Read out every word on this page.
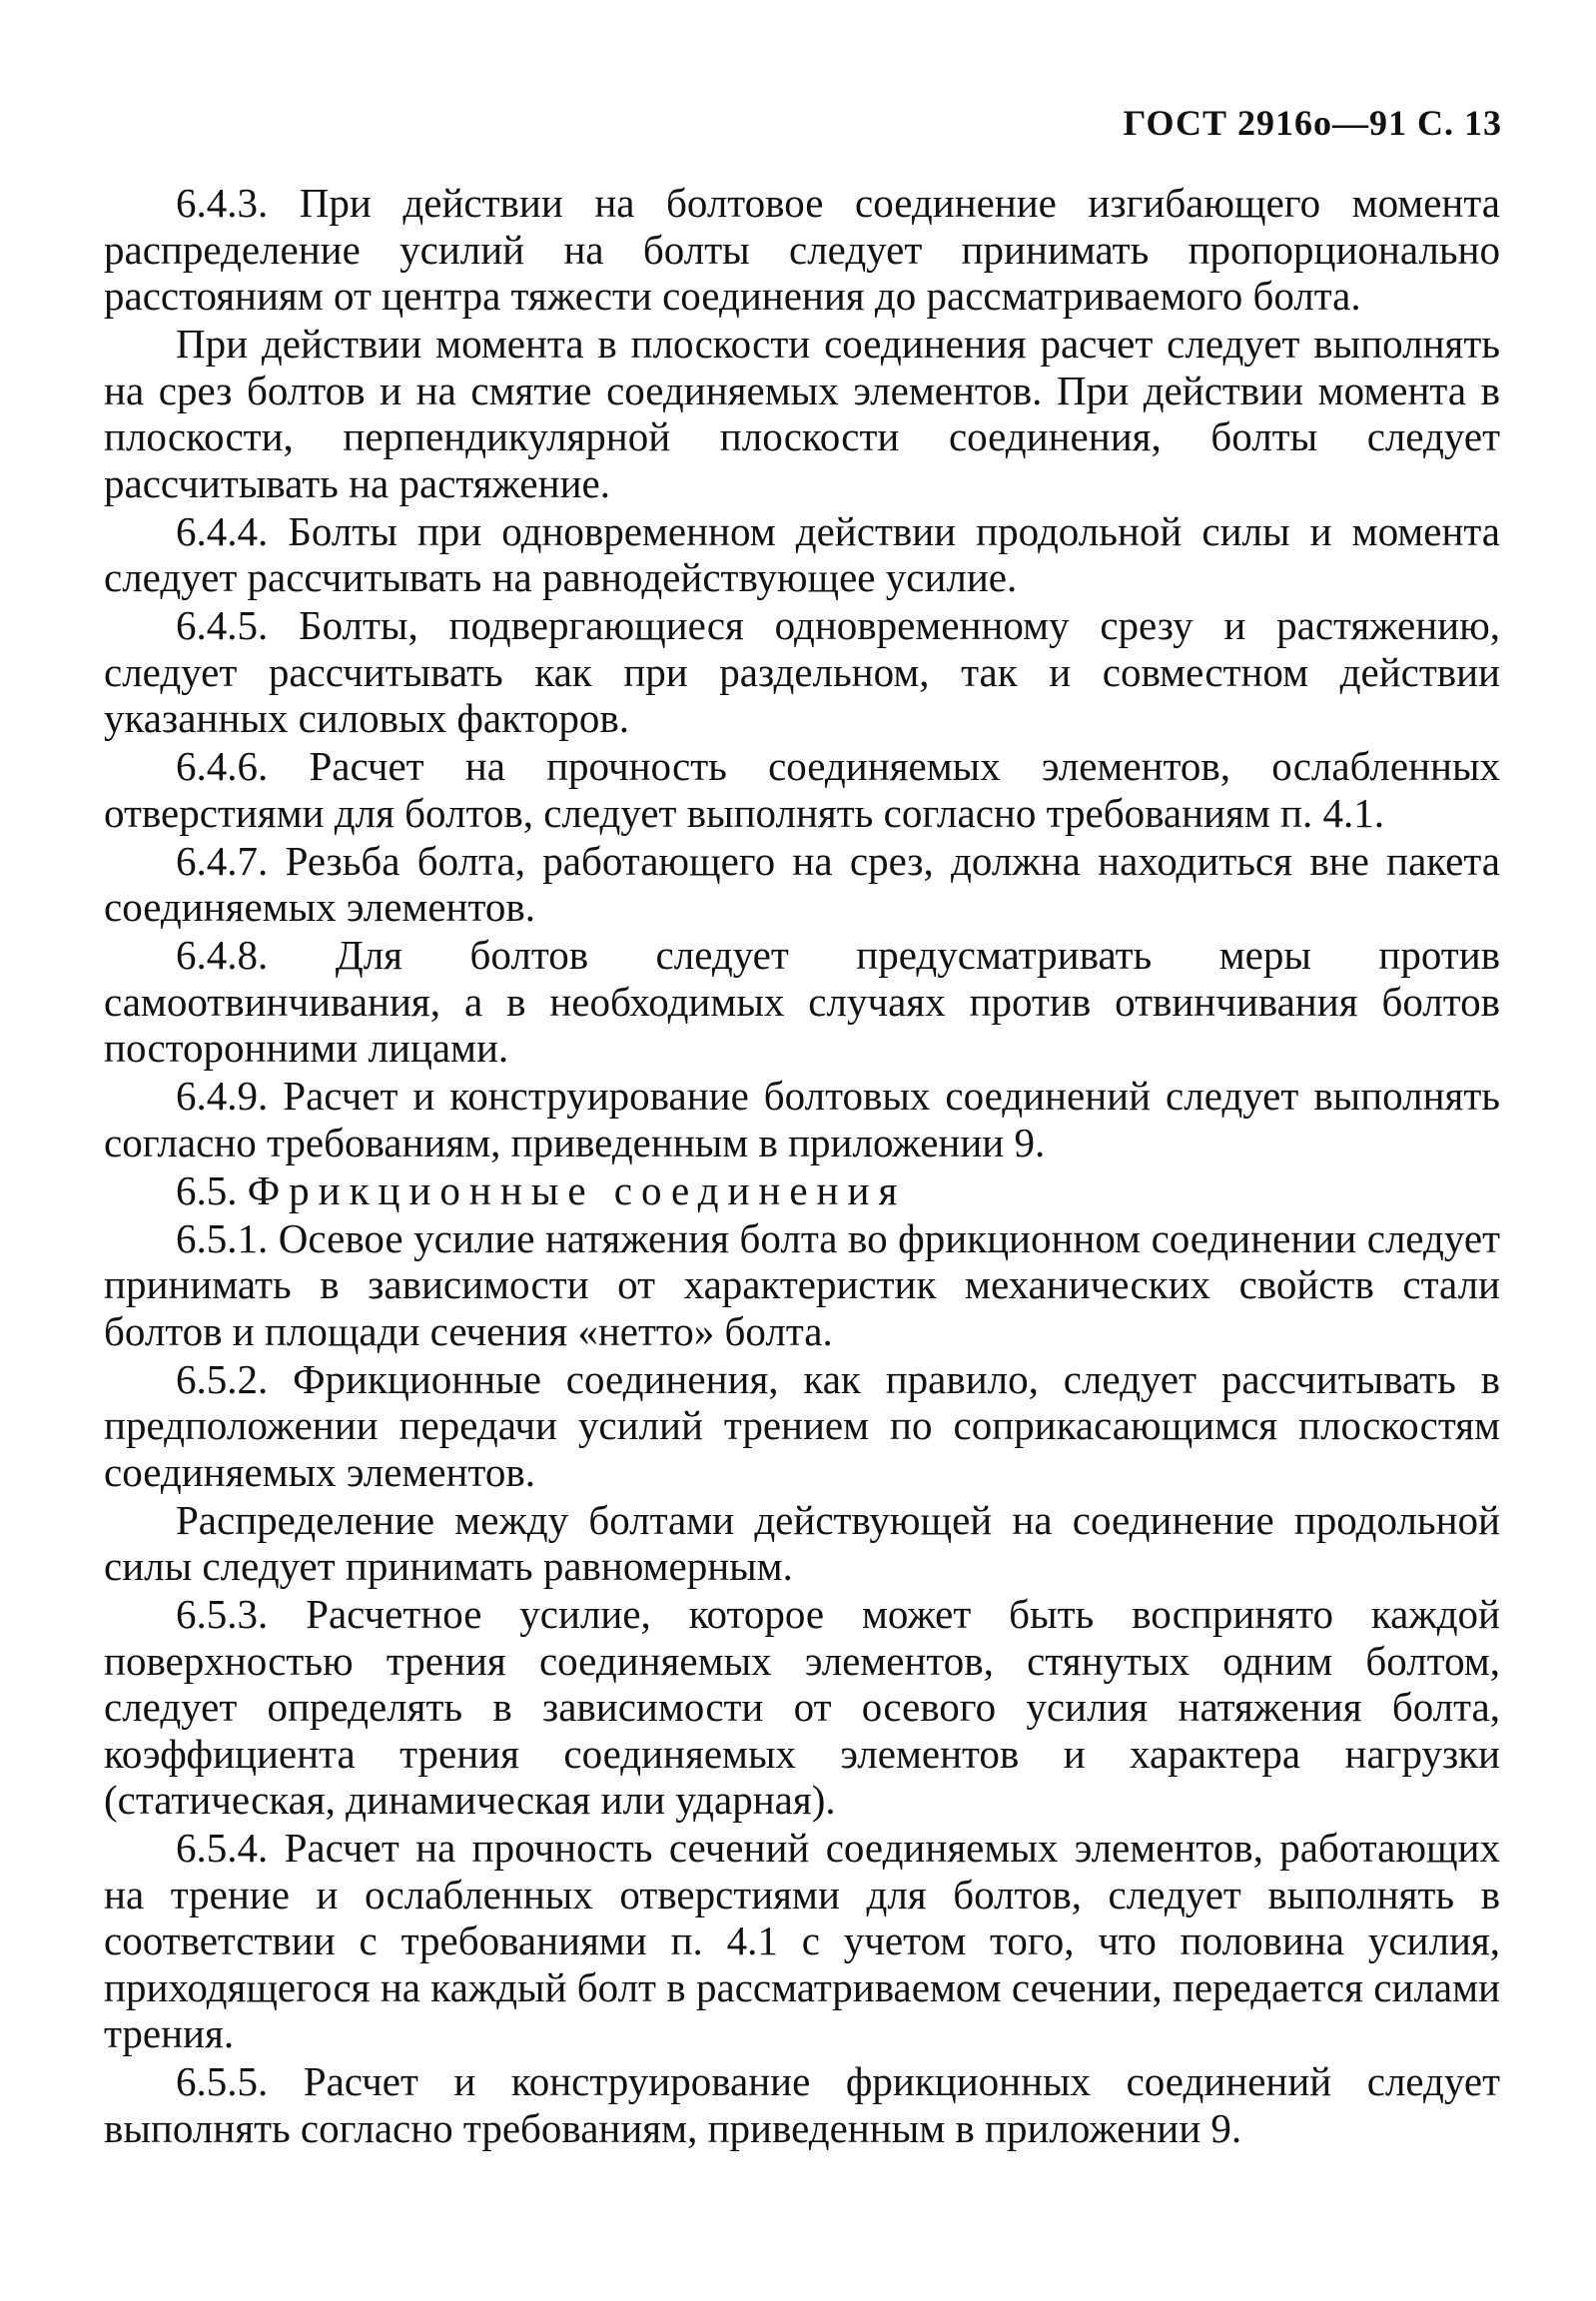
ГОСТ 2916о—91 С. 13

6.4.3. При действии на болтовое соединение изгибающего момента распределение усилий на болты следует принимать пропорционально расстояниям от центра тяжести соединения до рассматриваемого болта.

При действии момента в плоскости соединения расчет следует выполнять на срез болтов и на смятие соединяемых элементов. При действии момента в плоскости, перпендикулярной плоскости соединения, болты следует рассчитывать на растяжение.

6.4.4. Болты при одновременном действии продольной силы и момента следует рассчитывать на равнодействующее усилие.

6.4.5. Болты, подвергающиеся одновременному срезу и растяжению, следует рассчитывать как при раздельном, так и совместном действии указанных силовых факторов.

6.4.6. Расчет на прочность соединяемых элементов, ослабленных отверстиями для болтов, следует выполнять согласно требованиям п. 4.1.

6.4.7. Резьба болта, работающего на срез, должна находиться вне пакета соединяемых элементов.

6.4.8. Для болтов следует предусматривать меры против самоотвинчивания, а в необходимых случаях против отвинчивания болтов посторонними лицами.

6.4.9. Расчет и конструирование болтовых соединений следует выполнять согласно требованиям, приведенным в приложении 9.

6.5. Фрикционные соединения

6.5.1. Осевое усилие натяжения болта во фрикционном соединении следует принимать в зависимости от характеристик механических свойств стали болтов и площади сечения «нетто» болта.

6.5.2. Фрикционные соединения, как правило, следует рассчитывать в предположении передачи усилий трением по соприкасающимся плоскостям соединяемых элементов.

Распределение между болтами действующей на соединение продольной силы следует принимать равномерным.

6.5.3. Расчетное усилие, которое может быть воспринято каждой поверхностью трения соединяемых элементов, стянутых одним болтом, следует определять в зависимости от осевого усилия натяжения болта, коэффициента трения соединяемых элементов и характера нагрузки (статическая, динамическая или ударная).

6.5.4. Расчет на прочность сечений соединяемых элементов, работающих на трение и ослабленных отверстиями для болтов, следует выполнять в соответствии с требованиями п. 4.1 с учетом того, что половина усилия, приходящегося на каждый болт в рассматриваемом сечении, передается силами трения.

6.5.5. Расчет и конструирование фрикционных соединений следует выполнять согласно требованиям, приведенным в приложении 9.
